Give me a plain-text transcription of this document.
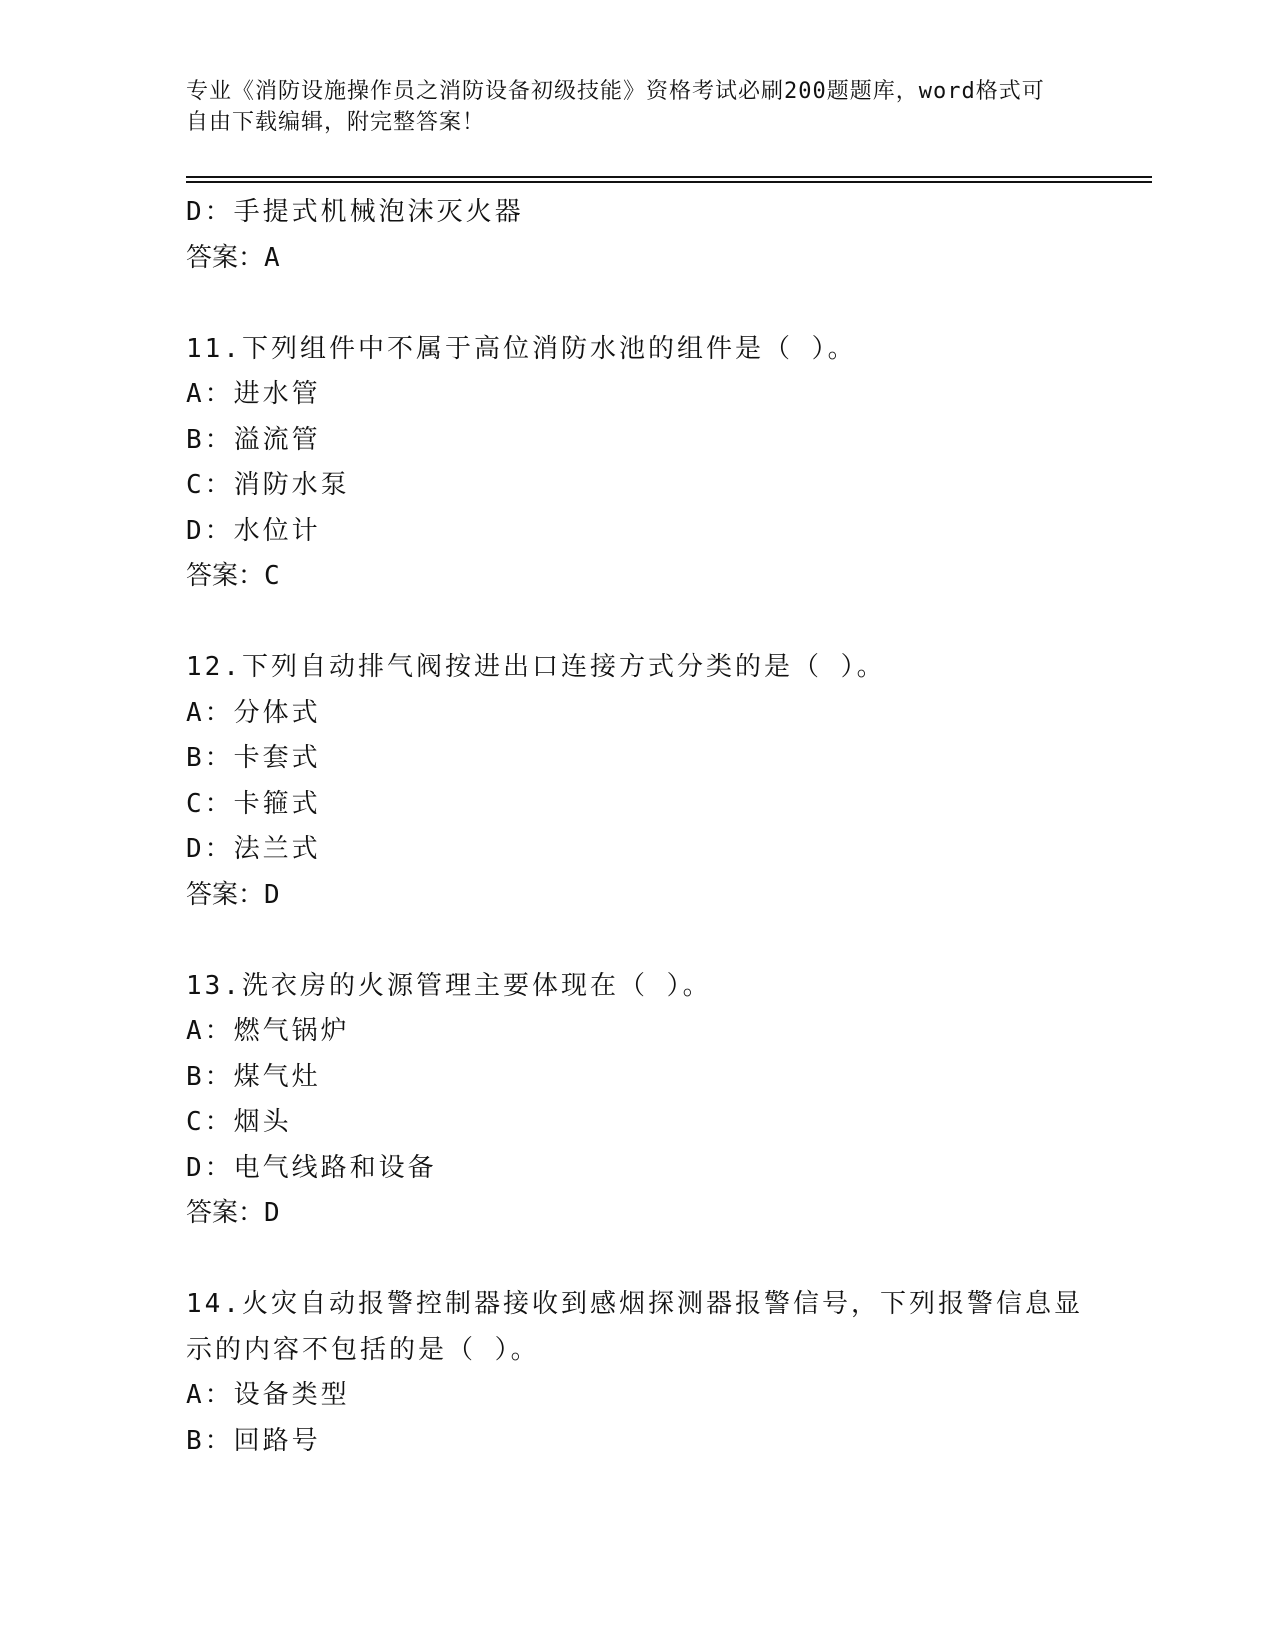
专业《消防设施操作员之消防设备初级技能》资格考试必刷200题题库，word格式可自由下载编辑，附完整答案！
D：手提式机械泡沫灭火器
答案：A
11.下列组件中不属于高位消防水池的组件是（ ）。
A：进水管
B：溢流管
C：消防水泵
D：水位计
答案：C
12.下列自动排气阀按进出口连接方式分类的是（ ）。
A：分体式
B：卡套式
C：卡箍式
D：法兰式
答案：D
13.洗衣房的火源管理主要体现在（ ）。
A：燃气锅炉
B：煤气灶
C：烟头
D：电气线路和设备
答案：D
14.火灾自动报警控制器接收到感烟探测器报警信号，下列报警信息显示的内容不包括的是（ ）。
A：设备类型
B：回路号
